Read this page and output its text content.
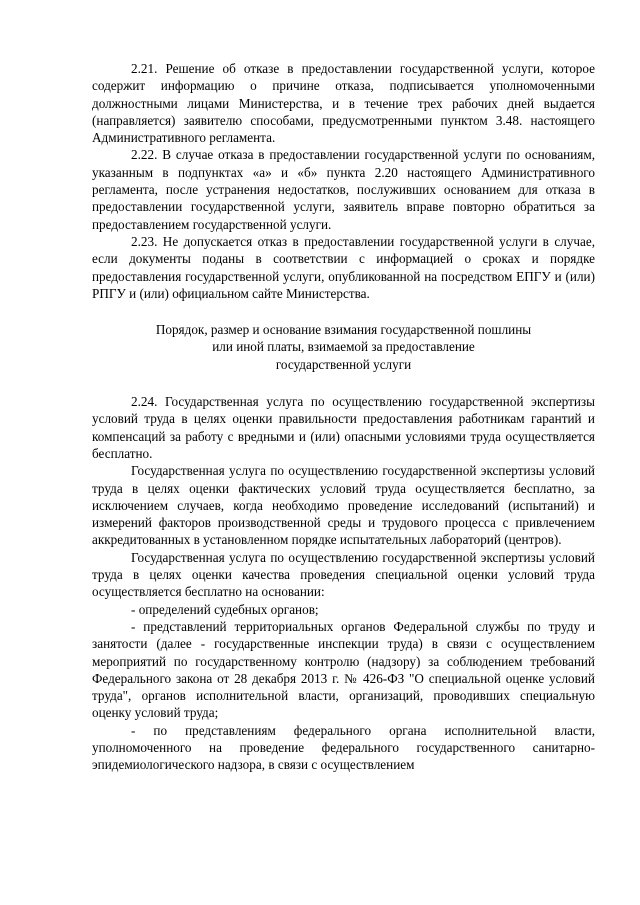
2.21. Решение об отказе в предоставлении государственной услуги, которое содержит информацию о причине отказа, подписывается уполномоченными должностными лицами Министерства, и в течение трех рабочих дней выдается (направляется) заявителю способами, предусмотренными пунктом 3.48. настоящего Административного регламента.

2.22. В случае отказа в предоставлении государственной услуги по основаниям, указанным в подпунктах «а» и «б» пункта 2.20 настоящего Административного регламента, после устранения недостатков, послуживших основанием для отказа в предоставлении государственной услуги, заявитель вправе повторно обратиться за предоставлением государственной услуги.

2.23. Не допускается отказ в предоставлении государственной услуги в случае, если документы поданы в соответствии с информацией о сроках и порядке предоставления государственной услуги, опубликованной на посредством ЕПГУ и (или) РПГУ и (или) официальном сайте Министерства.

Порядок, размер и основание взимания государственной пошлины

или иной платы, взимаемой за предоставление

государственной услуги

2.24. Государственная услуга по осуществлению государственной экспертизы условий труда в целях оценки правильности предоставления работникам гарантий и компенсаций за работу с вредными и (или) опасными условиями труда осуществляется бесплатно.

Государственная услуга по осуществлению государственной экспертизы условий труда в целях оценки фактических условий труда осуществляется бесплатно, за исключением случаев, когда необходимо проведение исследований (испытаний) и измерений факторов производственной среды и трудового процесса с привлечением аккредитованных в установленном порядке испытательных лабораторий (центров).

Государственная услуга по осуществлению государственной экспертизы условий труда в целях оценки качества проведения специальной оценки условий труда осуществляется бесплатно на основании:

- определений судебных органов;

- представлений территориальных органов Федеральной службы по труду и занятости (далее - государственные инспекции труда) в связи с осуществлением мероприятий по государственному контролю (надзору) за соблюдением требований Федерального закона от 28 декабря 2013 г. № 426-ФЗ "О специальной оценке условий труда", органов исполнительной власти, организаций, проводивших специальную оценку условий труда;

- по представлениям федерального органа исполнительной власти, уполномоченного на проведение федерального государственного санитарно-эпидемиологического надзора, в связи с осуществлением
